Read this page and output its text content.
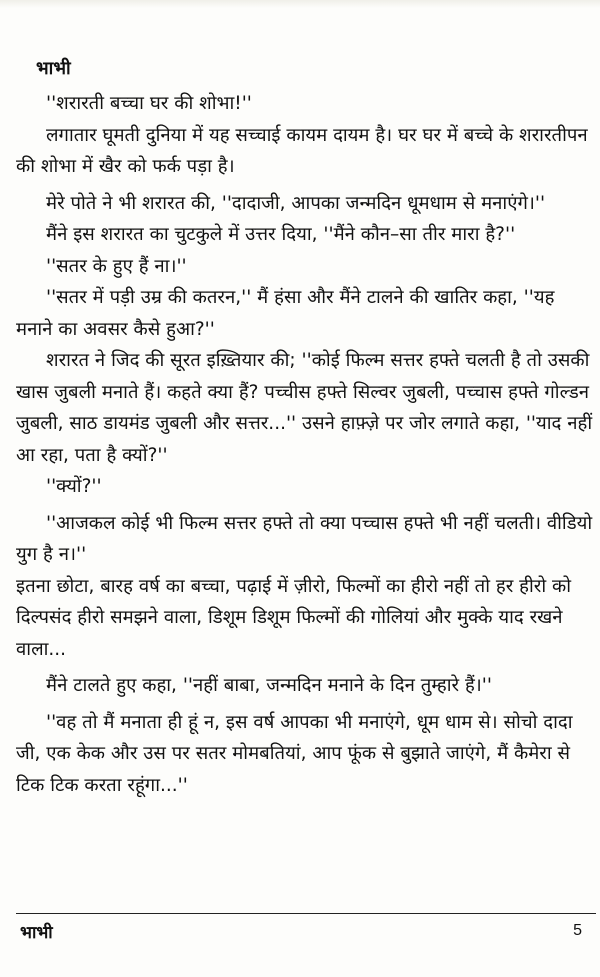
भाभी

''शरारती बच्चा घर की शोभा!''

लगातार घूमती दुनिया में यह सच्चाई कायम दायम है। घर घर में बच्चे के शरारतीपन की शोभा में खैर को फर्क पड़ा है।

मेरे पोते ने भी शरारत की, ''दादाजी, आपका जन्मदिन धूमधाम से मनाएंगे।''

मैंने इस शरारत का चुटकुले में उत्तर दिया, ''मैंने कौन–सा तीर मारा है?''

''सतर के हुए हैं ना।''

''सतर में पड़ी उम्र की कतरन,'' मैं हंसा और मैंने टालने की खातिर कहा, ''यह मनाने का अवसर कैसे हुआ?''

शरारत ने जिद की सूरत इख़्तियार की; ''कोई फिल्म सत्तर हफ्ते चलती है तो उसकी खास जुबली मनाते हैं। कहते क्या हैं? पच्चीस हफ्ते सिल्वर जुबली, पच्चास हफ्ते गोल्डन जुबली, साठ डायमंड जुबली और सत्तर...'' उसने हाफ़्ज़े पर जोर लगाते कहा, ''याद नहीं आ रहा, पता है क्यों?''

''क्यों?''

''आजकल कोई भी फिल्म सत्तर हफ्ते तो क्या पच्चास हफ्ते भी नहीं चलती। वीडियो युग है न।''

इतना छोटा, बारह वर्ष का बच्चा, पढ़ाई में ज़ीरो, फिल्मों का हीरो नहीं तो हर हीरो को दिल्पसंद हीरो समझने वाला, डिशूम डिशूम फिल्मों की गोलियां और मुक्के याद रखने वाला...

मैंने टालते हुए कहा, ''नहीं बाबा, जन्मदिन मनाने के दिन तुम्हारे हैं।''

''वह तो मैं मनाता ही हूं न, इस वर्ष आपका भी मनाएंगे, धूम धाम से। सोचो दादा जी, एक केक और उस पर सतर मोमबतियां, आप फूंक से बुझाते जाएंगे, मैं कैमेरा से टिक टिक करता रहूंगा...''

भाभी	5
